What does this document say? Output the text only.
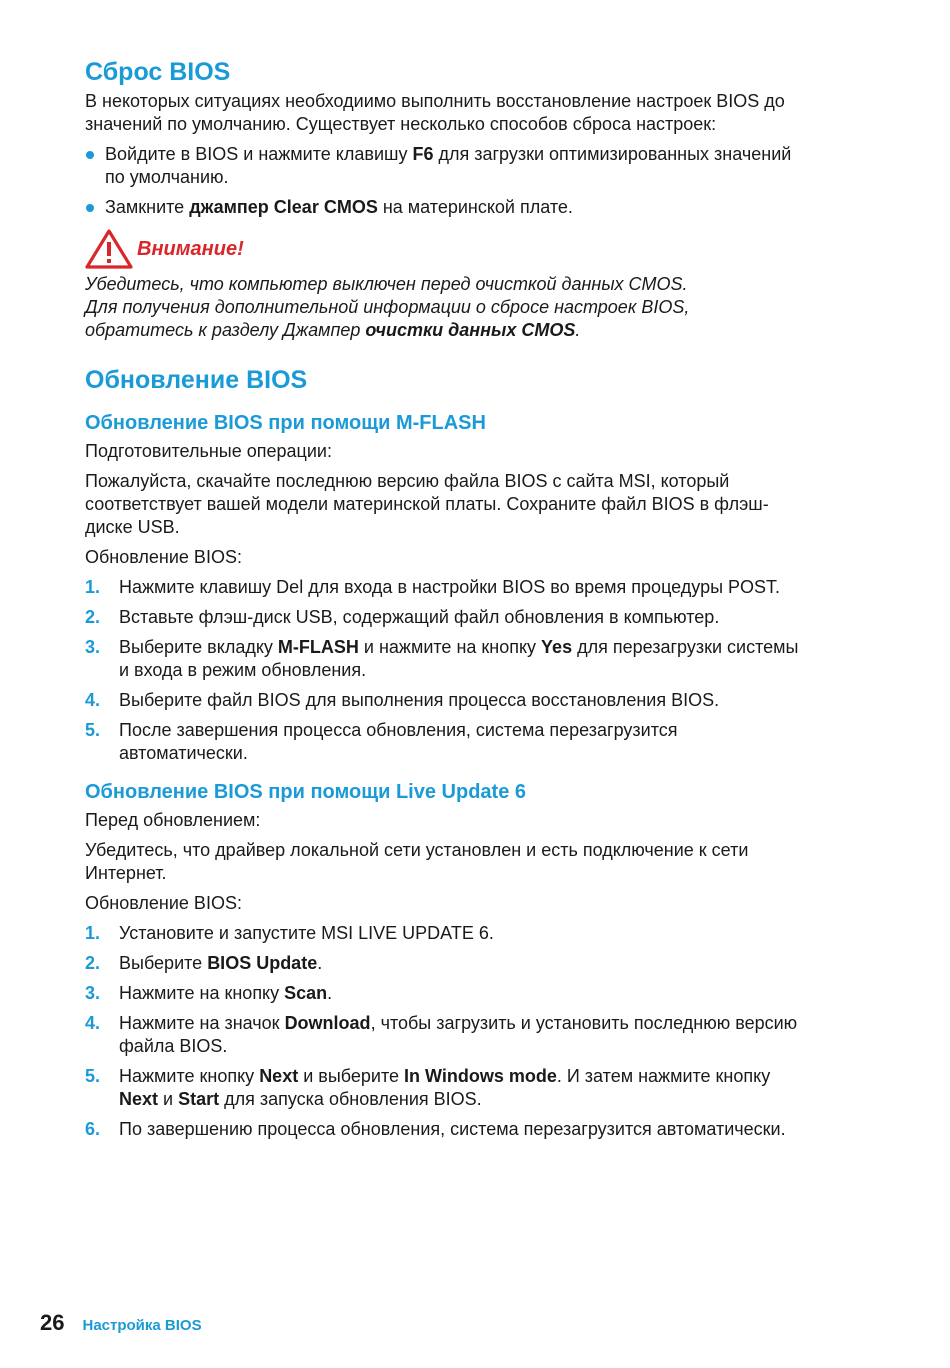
Сброс BIOS
В некоторых ситуациях необходиимо выполнить восстановление настроек BIOS до значений по умолчанию. Существует несколько способов сброса настроек:
Войдите в BIOS и нажмите клавишу F6 для загрузки оптимизированных значений по умолчанию.
Замкните джампер Clear CMOS на материнской плате.
Внимание!
Убедитесь, что компьютер выключен перед очисткой данных CMOS.
Для получения дополнительной информации о сбросе настроек BIOS,
обратитесь к разделу Джампер очистки данных CMOS.
Обновление BIOS
Обновление BIOS при помощи M-FLASH
Подготовительные операции:
Пожалуйста, скачайте последнюю версию файла BIOS с сайта MSI, который соответствует вашей модели материнской платы. Сохраните файл BIOS в флэш-диске USB.
Обновление BIOS:
1. Нажмите клавишу Del для входа в настройки BIOS во время процедуры POST.
2. Вставьте флэш-диск USB, содержащий файл обновления в компьютер.
3. Выберите вкладку M-FLASH и нажмите на кнопку Yes для перезагрузки системы и входа в режим обновления.
4. Выберите файл BIOS для выполнения процесса восстановления BIOS.
5. После завершения процесса обновления, система перезагрузится автоматически.
Обновление BIOS при помощи Live Update 6
Перед обновлением:
Убедитесь, что драйвер локальной сети установлен и есть подключение к сети Интернет.
Обновление BIOS:
1. Установите и запустите MSI LIVE UPDATE 6.
2. Выберите BIOS Update.
3. Нажмите на кнопку Scan.
4. Нажмите на значок Download, чтобы загрузить и установить последнюю версию файла BIOS.
5. Нажмите кнопку Next и выберите In Windows mode. И затем нажмите кнопку Next и Start для запуска обновления BIOS.
6. По завершению процесса обновления, система перезагрузится автоматически.
26 Настройка BIOS
